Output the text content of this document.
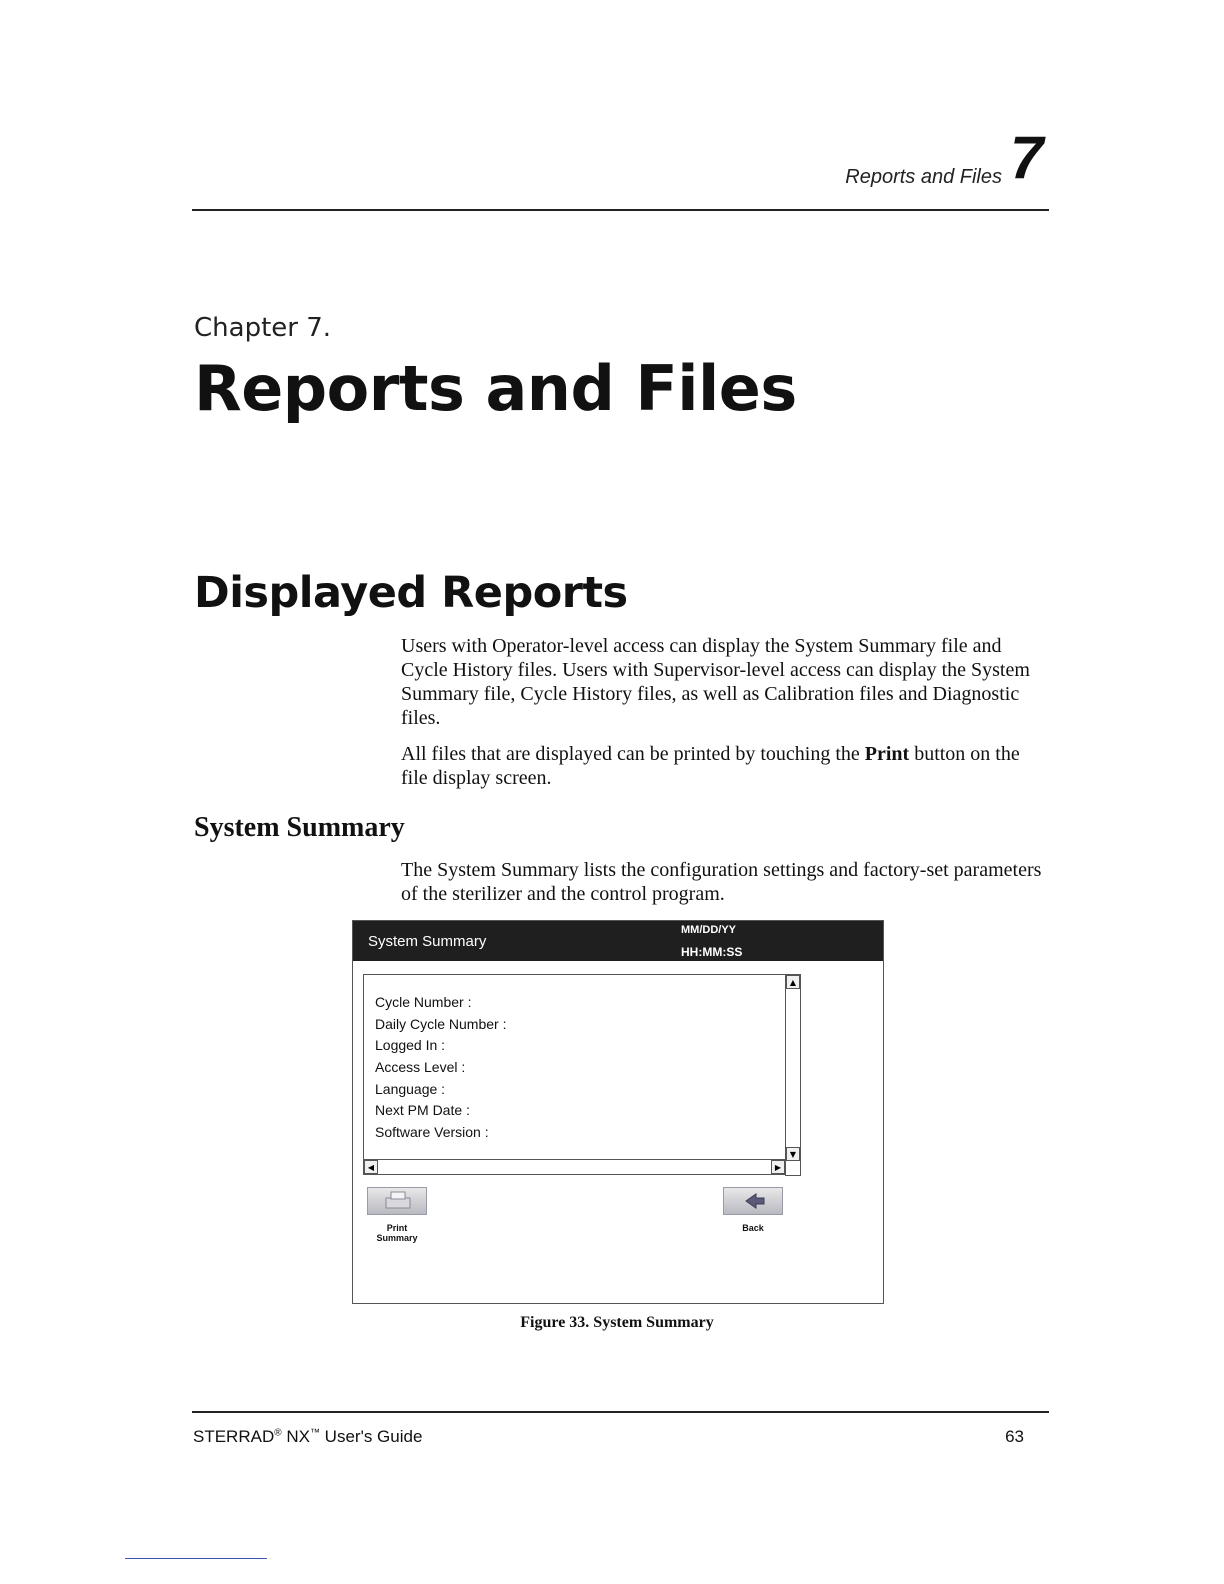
Reports and Files 7
Chapter 7.
Reports and Files
Displayed Reports
Users with Operator-level access can display the System Summary file and Cycle History files. Users with Supervisor-level access can display the System Summary file, Cycle History files, as well as Calibration files and Diagnostic files.
All files that are displayed can be printed by touching the Print button on the file display screen.
System Summary
The System Summary lists the configuration settings and factory-set parameters of the sterilizer and the control program.
System Summary
MM/DD/YY
HH:MM:SS
Cycle Number :
Daily Cycle Number :
Logged In :
Access Level :
Language :
Next PM Date :
Software Version :
▲
▼
◀	▶
Print Summary
Back
Figure 33. System Summary
STERRAD® NX™ User's Guide	63
